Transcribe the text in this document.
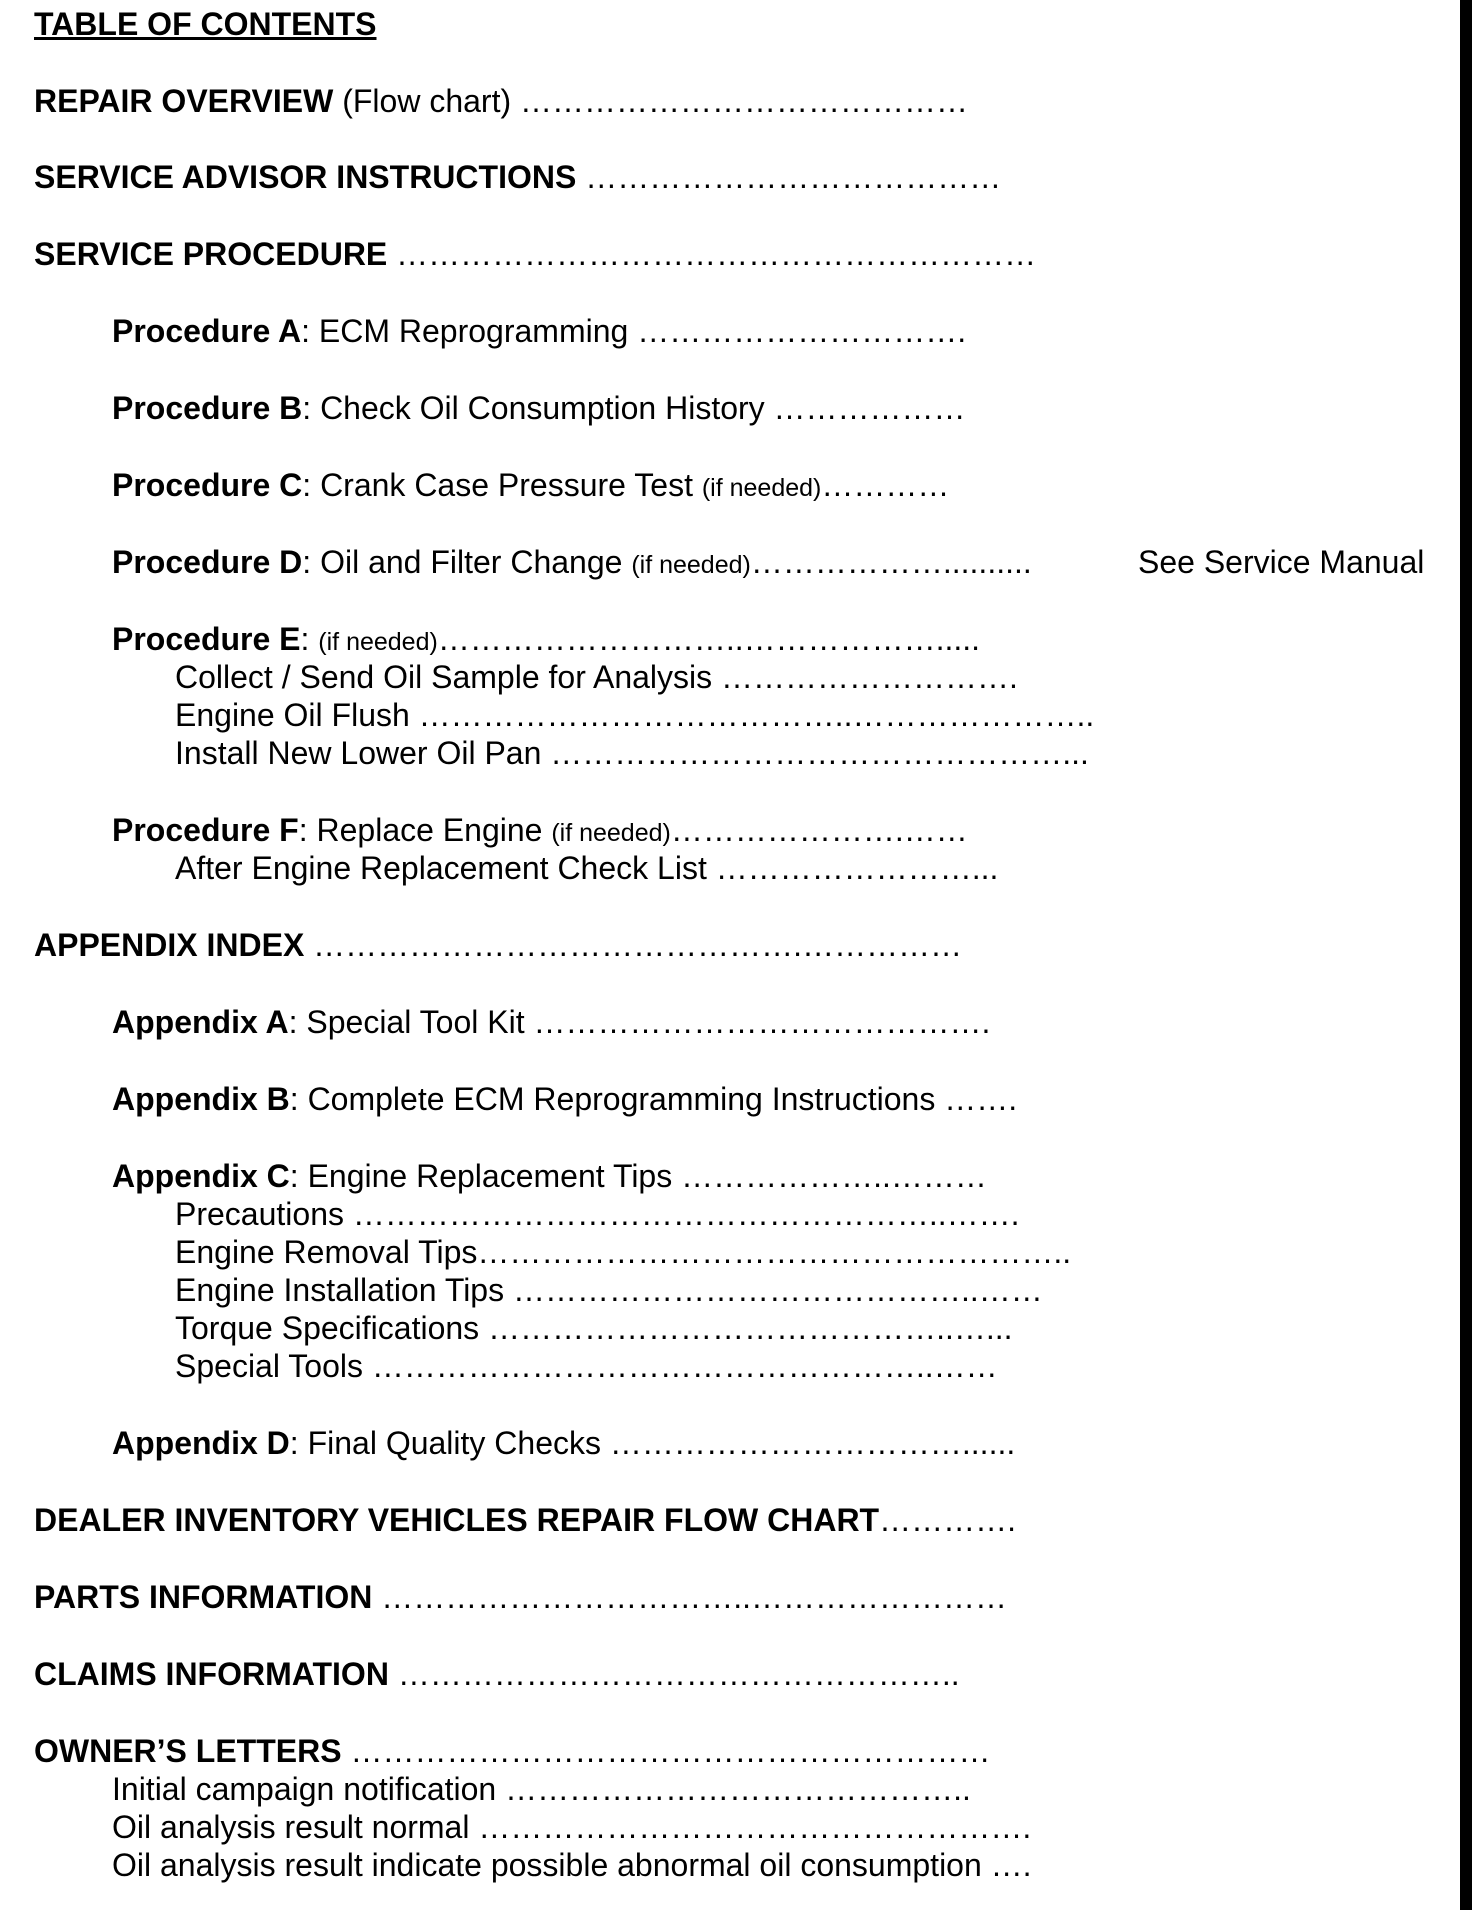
TABLE OF CONTENTS
REPAIR OVERVIEW (Flow chart) ……………………………………
SERVICE ADVISOR INSTRUCTIONS …………………………………
SERVICE PROCEDURE ……………………………………………………
Procedure A: ECM Reprogramming ………………………….
Procedure B: Check Oil Consumption History ………………
Procedure C: Crank Case Pressure Test (if needed)…………
Procedure D: Oil and Filter Change (if needed)………………..........	See Service Manual
Procedure E: (if needed)………………………..……………….....
Collect / Send Oil Sample for Analysis ……………………….
Engine Oil Flush …………………………………..…………………..
Install New Lower Oil Pan …………………………………………...
Procedure F: Replace Engine (if needed)………………….……
After Engine Replacement Check List ……………………...
APPENDIX INDEX ……………………………………….……………
Appendix A: Special Tool Kit …………………………………….
Appendix B: Complete ECM Reprogramming Instructions …….
Appendix C: Engine Replacement Tips ………………..………
Precautions ………………………………………………..…….
Engine Removal Tips………………………………………………..
Engine Installation Tips ……………………………………..……
Torque Specifications ……………………………………..…...
Special Tools ……………………………………………..……
Appendix D: Final Quality Checks ……………………………......
DEALER INVENTORY VEHICLES REPAIR FLOW CHART………….
PARTS INFORMATION ……………………………..……………………
CLAIMS INFORMATION ……………………………………………..
OWNER’S LETTERS ……………………………………………………
Initial campaign notification ……………………………………..
Oil analysis result normal …………………………………………….
Oil analysis result indicate possible abnormal oil consumption ….
